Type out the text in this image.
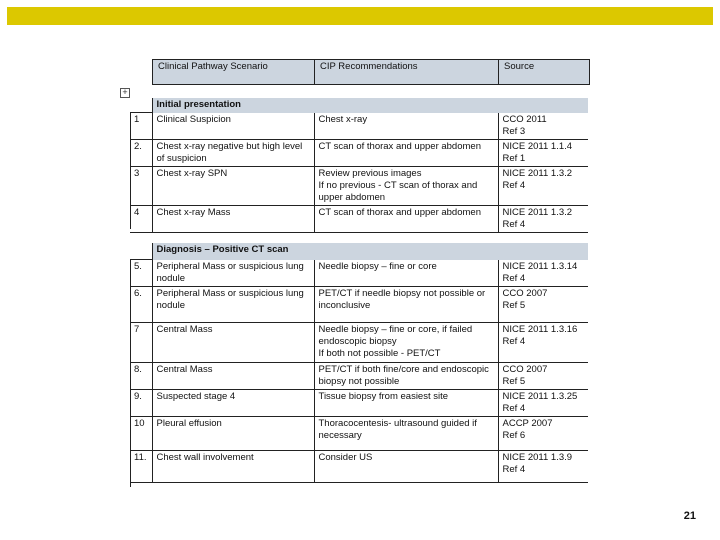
Clinical Pathway Scenario	CIP Recommendations	Source
+
	Initial presentation		
1	Clinical Suspicion	Chest x-ray	CCO 2011
Ref 3

2.	Chest x-ray negative but high level of suspicion	CT scan of thorax and upper abdomen	NICE 2011 1.1.4
Ref 1

3	Chest x-ray SPN	Review previous images
If no previous - CT scan of thorax and upper abdomen	NICE 2011 1.3.2
Ref 4

4	Chest x-ray Mass	CT scan of thorax and upper abdomen	NICE 2011 1.3.2
Ref 4
	Diagnosis – Positive CT scan		
5.	Peripheral Mass or suspicious lung nodule	Needle biopsy – fine or core	NICE 2011 1.3.14
Ref 4

6.	Peripheral Mass or suspicious lung nodule	PET/CT if needle biopsy not possible or inconclusive	CCO 2007
Ref 5

7	Central Mass	Needle biopsy – fine or core, if failed endoscopic biopsy
If both not possible - PET/CT	NICE 2011 1.3.16
Ref 4

8.	Central Mass	PET/CT if both fine/core and endoscopic biopsy not possible	CCO 2007
Ref 5

9.	Suspected stage 4	Tissue biopsy from easiest site	NICE 2011 1.3.25
Ref 4

10	Pleural effusion	Thoracocentesis- ultrasound guided if necessary	ACCP 2007
Ref 6

11.	Chest wall involvement	Consider US	NICE 2011 1.3.9
Ref 4
21
